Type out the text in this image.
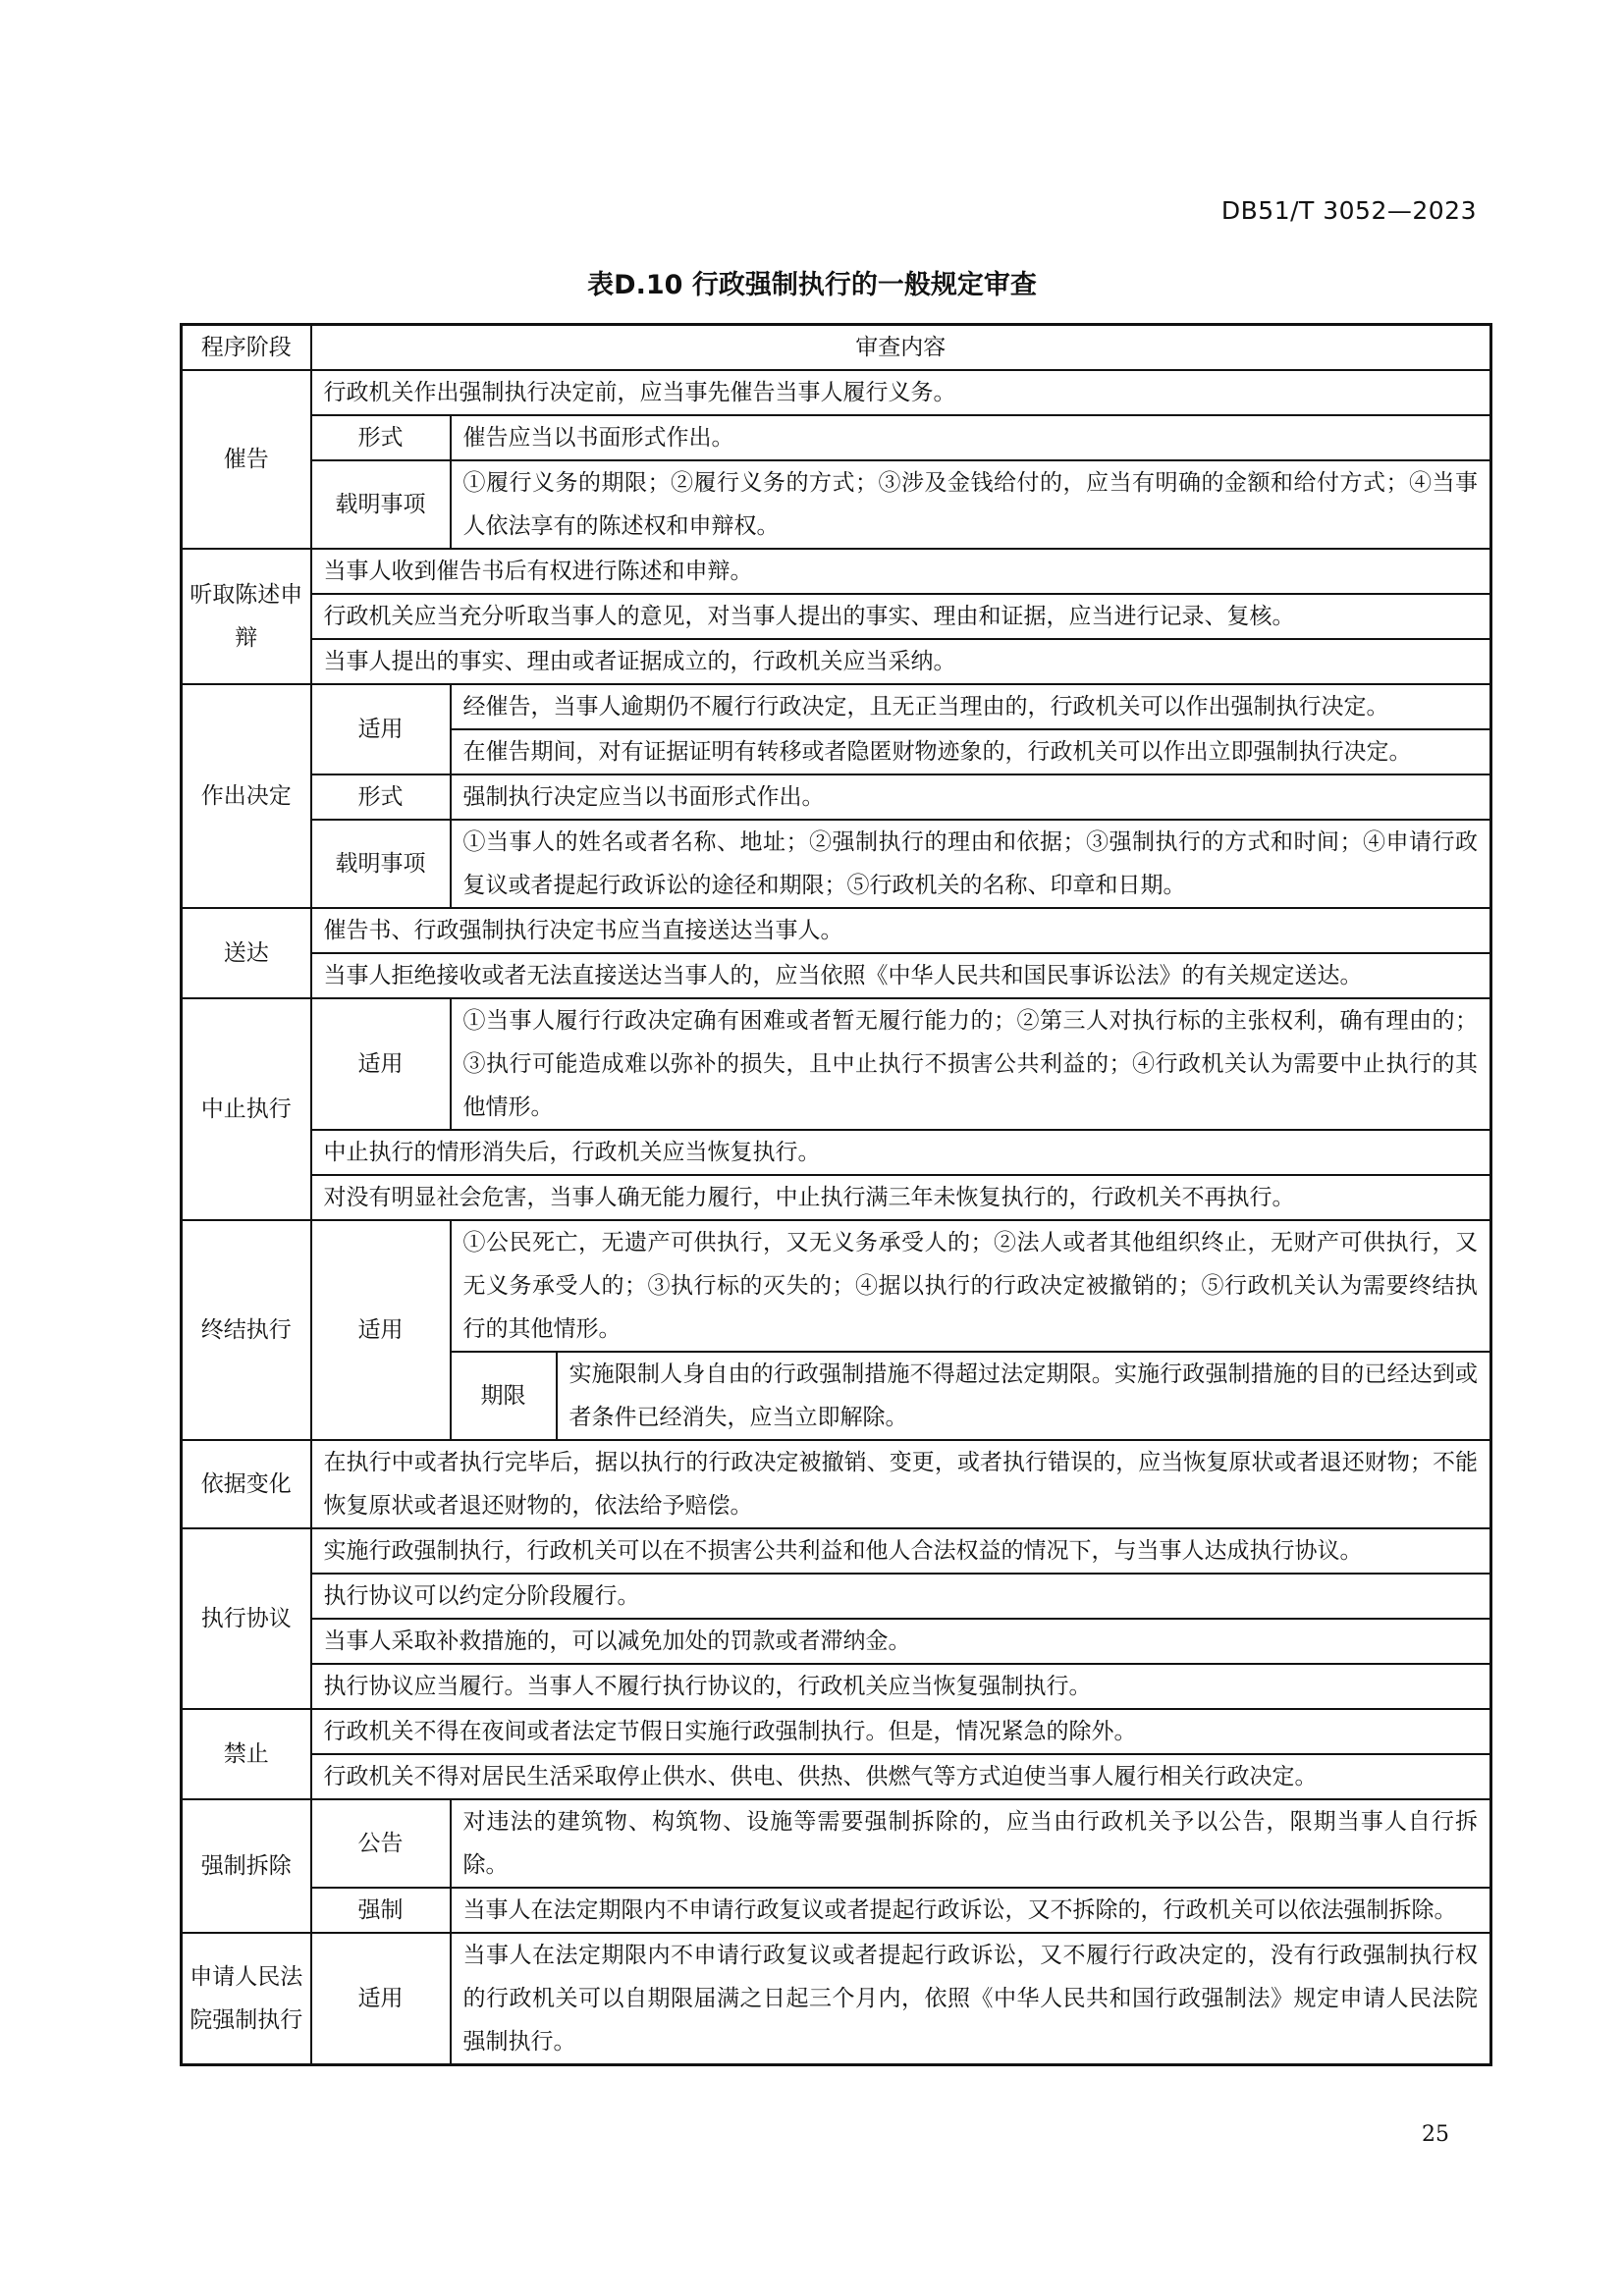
DB51/T 3052—2023
表D.10 行政强制执行的一般规定审查
程序阶段	审查内容		
催告	行政机关作出强制执行决定前，应当事先催告当事人履行义务。		
	形式	催告应当以书面形式作出。	
	载明事项	①履行义务的期限；②履行义务的方式；③涉及金钱给付的，应当有明确的金额和给付方式；④当事人依法享有的陈述权和申辩权。	
听取陈述申辩	当事人收到催告书后有权进行陈述和申辩。		
	行政机关应当充分听取当事人的意见，对当事人提出的事实、理由和证据，应当进行记录、复核。		
	当事人提出的事实、理由或者证据成立的，行政机关应当采纳。		
作出决定	适用	经催告，当事人逾期仍不履行行政决定，且无正当理由的，行政机关可以作出强制执行决定。	
		在催告期间，对有证据证明有转移或者隐匿财物迹象的，行政机关可以作出立即强制执行决定。	
	形式	强制执行决定应当以书面形式作出。	
	载明事项	①当事人的姓名或者名称、地址；②强制执行的理由和依据；③强制执行的方式和时间；④申请行政复议或者提起行政诉讼的途径和期限；⑤行政机关的名称、印章和日期。	
送达	催告书、行政强制执行决定书应当直接送达当事人。		
	当事人拒绝接收或者无法直接送达当事人的，应当依照《中华人民共和国民事诉讼法》的有关规定送达。		
中止执行	适用	①当事人履行行政决定确有困难或者暂无履行能力的；②第三人对执行标的主张权利，确有理由的；③执行可能造成难以弥补的损失，且中止执行不损害公共利益的；④行政机关认为需要中止执行的其他情形。	
	中止执行的情形消失后，行政机关应当恢复执行。		
	对没有明显社会危害，当事人确无能力履行，中止执行满三年未恢复执行的，行政机关不再执行。		
终结执行	适用	①公民死亡，无遗产可供执行，又无义务承受人的；②法人或者其他组织终止，无财产可供执行，又无义务承受人的；③执行标的灭失的；④据以执行的行政决定被撤销的；⑤行政机关认为需要终结执行的其他情形。	
		期限	实施限制人身自由的行政强制措施不得超过法定期限。实施行政强制措施的目的已经达到或者条件已经消失，应当立即解除。
依据变化	在执行中或者执行完毕后，据以执行的行政决定被撤销、变更，或者执行错误的，应当恢复原状或者退还财物；不能恢复原状或者退还财物的，依法给予赔偿。		
执行协议	实施行政强制执行，行政机关可以在不损害公共利益和他人合法权益的情况下，与当事人达成执行协议。		
	执行协议可以约定分阶段履行。		
	当事人采取补救措施的，可以减免加处的罚款或者滞纳金。		
	执行协议应当履行。当事人不履行执行协议的，行政机关应当恢复强制执行。		
禁止	行政机关不得在夜间或者法定节假日实施行政强制执行。但是，情况紧急的除外。		
	行政机关不得对居民生活采取停止供水、供电、供热、供燃气等方式迫使当事人履行相关行政决定。		
强制拆除	公告	对违法的建筑物、构筑物、设施等需要强制拆除的，应当由行政机关予以公告，限期当事人自行拆除。	
	强制	当事人在法定期限内不申请行政复议或者提起行政诉讼，又不拆除的，行政机关可以依法强制拆除。	
申请人民法院强制执行	适用	当事人在法定期限内不申请行政复议或者提起行政诉讼，又不履行行政决定的，没有行政强制执行权的行政机关可以自期限届满之日起三个月内，依照《中华人民共和国行政强制法》规定申请人民法院强制执行。	
25
